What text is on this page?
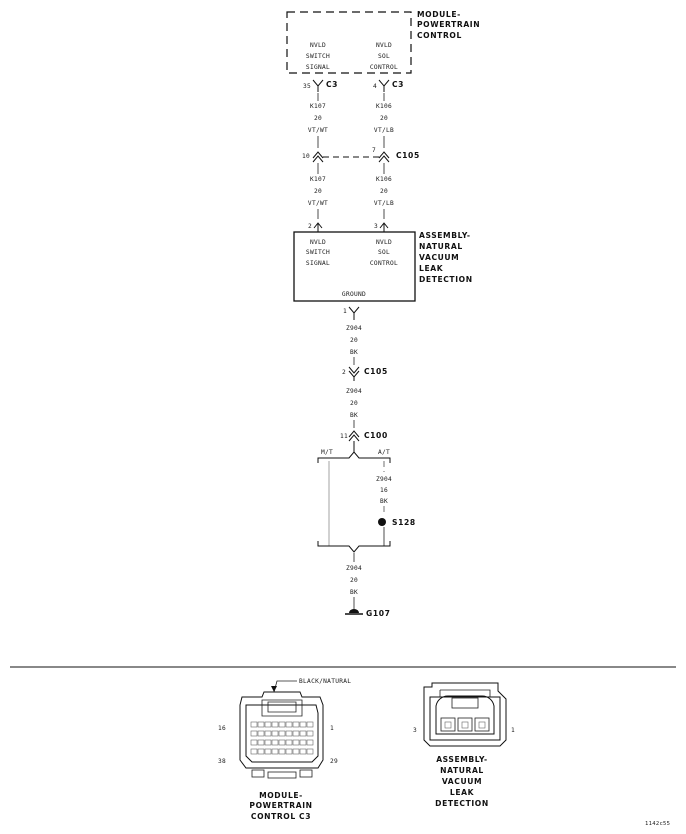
MODULE-
POWERTRAIN
CONTROL
NVLD
SWITCH
SIGNAL
NVLD
SOL
CONTROL
35 C3	4 C3
K107
20
VT/WT
K106
20
VT/LB
10
7
C105
K107
20
VT/WT
K106
20
VT/LB
2	3
ASSEMBLY-
NATURAL
VACUUM
LEAK
DETECTION
NVLD
SWITCH
SIGNAL
NVLD
SOL
CONTROL
GROUND
1
Z904
20
BK
2 C105
Z904
20
BK
11 C100
M/T	A/T
Z904
16
BK
S128
Z904
20
BK
G107
BLACK/NATURAL
16	1
38	29
MODULE-
POWERTRAIN
CONTROL C3
3	1
ASSEMBLY-
NATURAL
VACUUM
LEAK
DETECTION
1142c55
